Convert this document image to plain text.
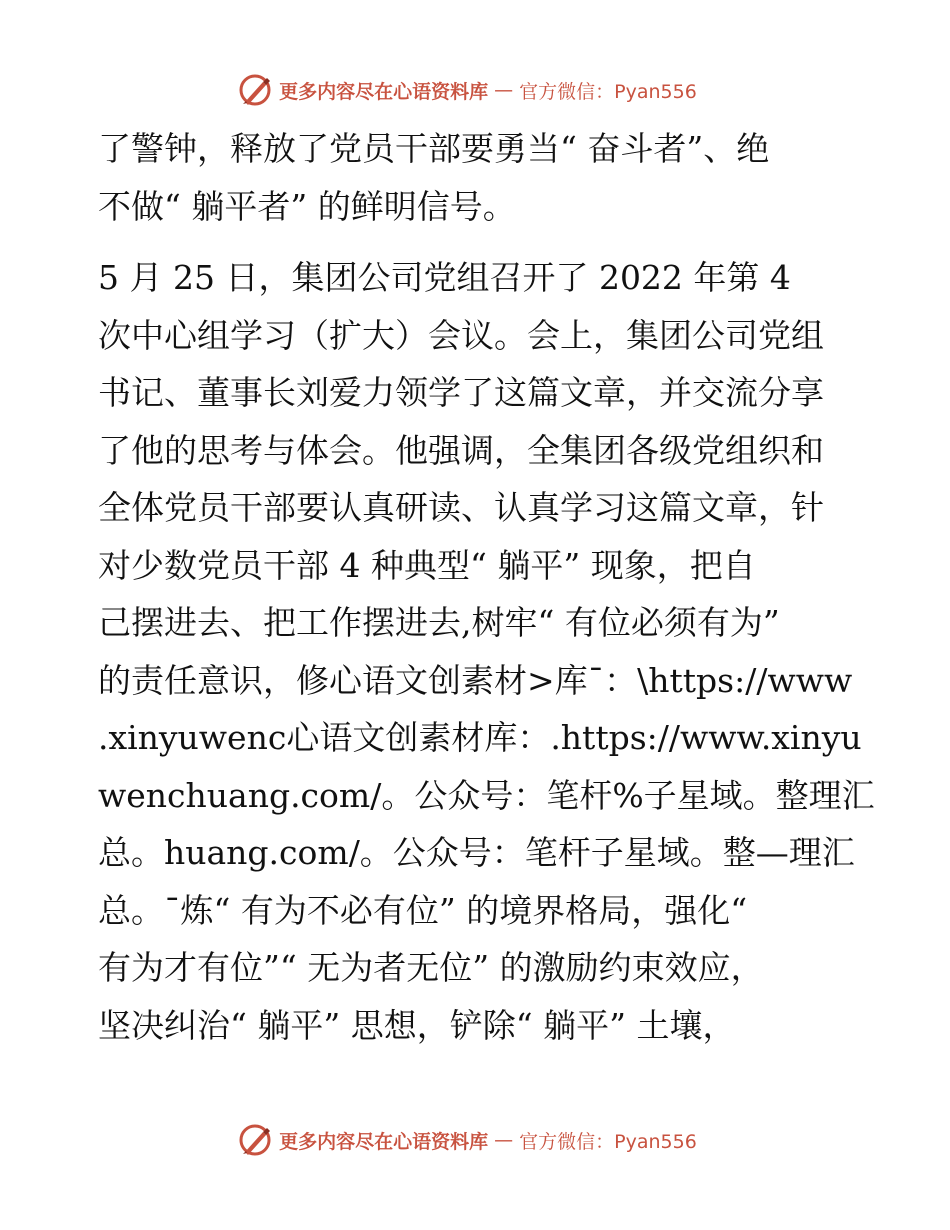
更多内容尽在心语资料库 — 官方微信：Pyan556
了警钟，释放了党员干部要勇当“ 奋斗者”、绝
不做“ 躺平者” 的鲜明信号。
5 月 25 日，集团公司党组召开了 2022 年第 4
次中心组学习（扩大）会议。会上，集团公司党组
书记、董事长刘爱力领学了这篇文章，并交流分享
了他的思考与体会。他强调，全集团各级党组织和
全体党员干部要认真研读、认真学习这篇文章，针
对少数党员干部 4 种典型“ 躺平” 现象，把自
己摆进去、把工作摆进去,树牢“ 有位必须有为”
的责任意识，修心语文创素材>库¯：\https://www
.xinyuwenc心语文创素材库：.https://www.xinyu
wenchuang.com/。公众号：笔杆%子星域。整理汇
总。huang.com/。公众号：笔杆子星域。整—理汇
总。¯炼“ 有为不必有位” 的境界格局，强化“
有为才有位”“ 无为者无位” 的激励约束效应，
坚决纠治“ 躺平” 思想，铲除“ 躺平” 土壤，
更多内容尽在心语资料库 — 官方微信：Pyan556
